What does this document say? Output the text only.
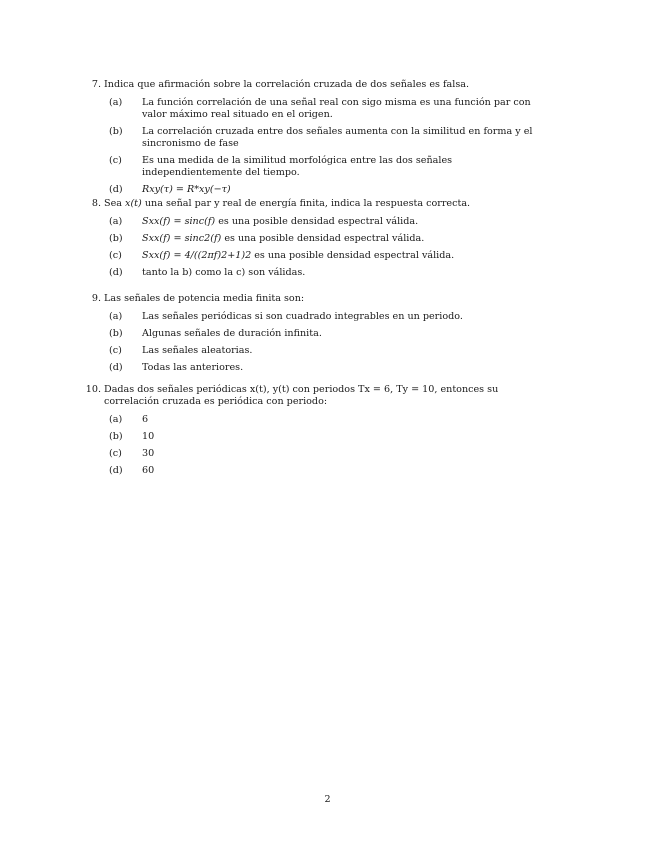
7. Indica que afirmación sobre la correlación cruzada de dos señales es falsa.
(a) La función correlación de una señal real con sigo misma es una función par con valor máximo real situado en el origen.
(b) La correlación cruzada entre dos señales aumenta con la similitud en forma y el sincronismo de fase
(c) Es una medida de la similitud morfológica entre las dos señales independientemente del tiempo.
(d) Rxy(τ) = R*xy(−τ)
8. Sea x(t) una señal par y real de energía finita, indica la respuesta correcta.
(a) Sxx(f) = sinc(f) es una posible densidad espectral válida.
(b) Sxx(f) = sinc2(f) es una posible densidad espectral válida.
(c) Sxx(f) = 4/((2πf)2+1)2 es una posible densidad espectral válida.
(d) tanto la b) como la c) son válidas.
9. Las señales de potencia media finita son:
(a) Las señales periódicas si son cuadrado integrables en un periodo.
(b) Algunas señales de duración infinita.
(c) Las señales aleatorias.
(d) Todas las anteriores.
10. Dadas dos señales periódicas x(t), y(t) con periodos Tx = 6, Ty = 10, entonces su correlación cruzada es periódica con periodo:
(a) 6
(b) 10
(c) 30
(d) 60
2
